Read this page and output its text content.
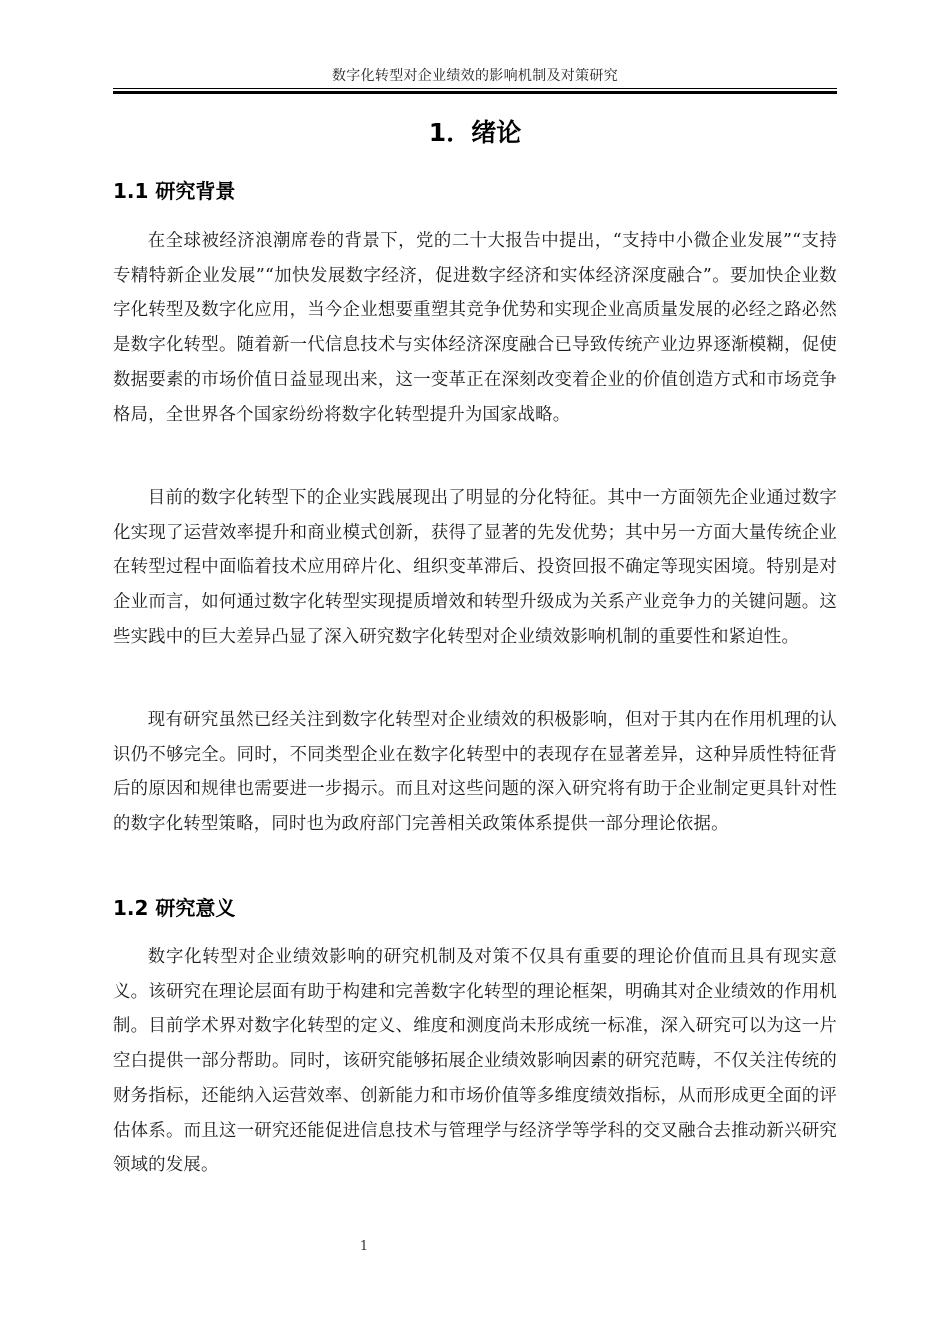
数字化转型对企业绩效的影响机制及对策研究
1．绪论
1.1 研究背景

在全球被经济浪潮席卷的背景下，党的二十大报告中提出，“支持中小微企业发展”“支持专精特新企业发展”“加快发展数字经济，促进数字经济和实体经济深度融合”。要加快企业数字化转型及数字化应用，当今企业想要重塑其竞争优势和实现企业高质量发展的必经之路必然是数字化转型。随着新一代信息技术与实体经济深度融合已导致传统产业边界逐渐模糊，促使数据要素的市场价值日益显现出来，这一变革正在深刻改变着企业的价值创造方式和市场竞争格局，全世界各个国家纷纷将数字化转型提升为国家战略。

目前的数字化转型下的企业实践展现出了明显的分化特征。其中一方面领先企业通过数字化实现了运营效率提升和商业模式创新，获得了显著的先发优势；其中另一方面大量传统企业在转型过程中面临着技术应用碎片化、组织变革滞后、投资回报不确定等现实困境。特别是对企业而言，如何通过数字化转型实现提质增效和转型升级成为关系产业竞争力的关键问题。这些实践中的巨大差异凸显了深入研究数字化转型对企业绩效影响机制的重要性和紧迫性。

现有研究虽然已经关注到数字化转型对企业绩效的积极影响，但对于其内在作用机理的认识仍不够完全。同时，不同类型企业在数字化转型中的表现存在显著差异，这种异质性特征背后的原因和规律也需要进一步揭示。而且对这些问题的深入研究将有助于企业制定更具针对性的数字化转型策略，同时也为政府部门完善相关政策体系提供一部分理论依据。

1.2 研究意义

数字化转型对企业绩效影响的研究机制及对策不仅具有重要的理论价值而且具有现实意义。该研究在理论层面有助于构建和完善数字化转型的理论框架，明确其对企业绩效的作用机制。目前学术界对数字化转型的定义、维度和测度尚未形成统一标准，深入研究可以为这一片空白提供一部分帮助。同时，该研究能够拓展企业绩效影响因素的研究范畴，不仅关注传统的财务指标，还能纳入运营效率、创新能力和市场价值等多维度绩效指标，从而形成更全面的评估体系。而且这一研究还能促进信息技术与管理学与经济学等学科的交叉融合去推动新兴研究领域的发展。

1
